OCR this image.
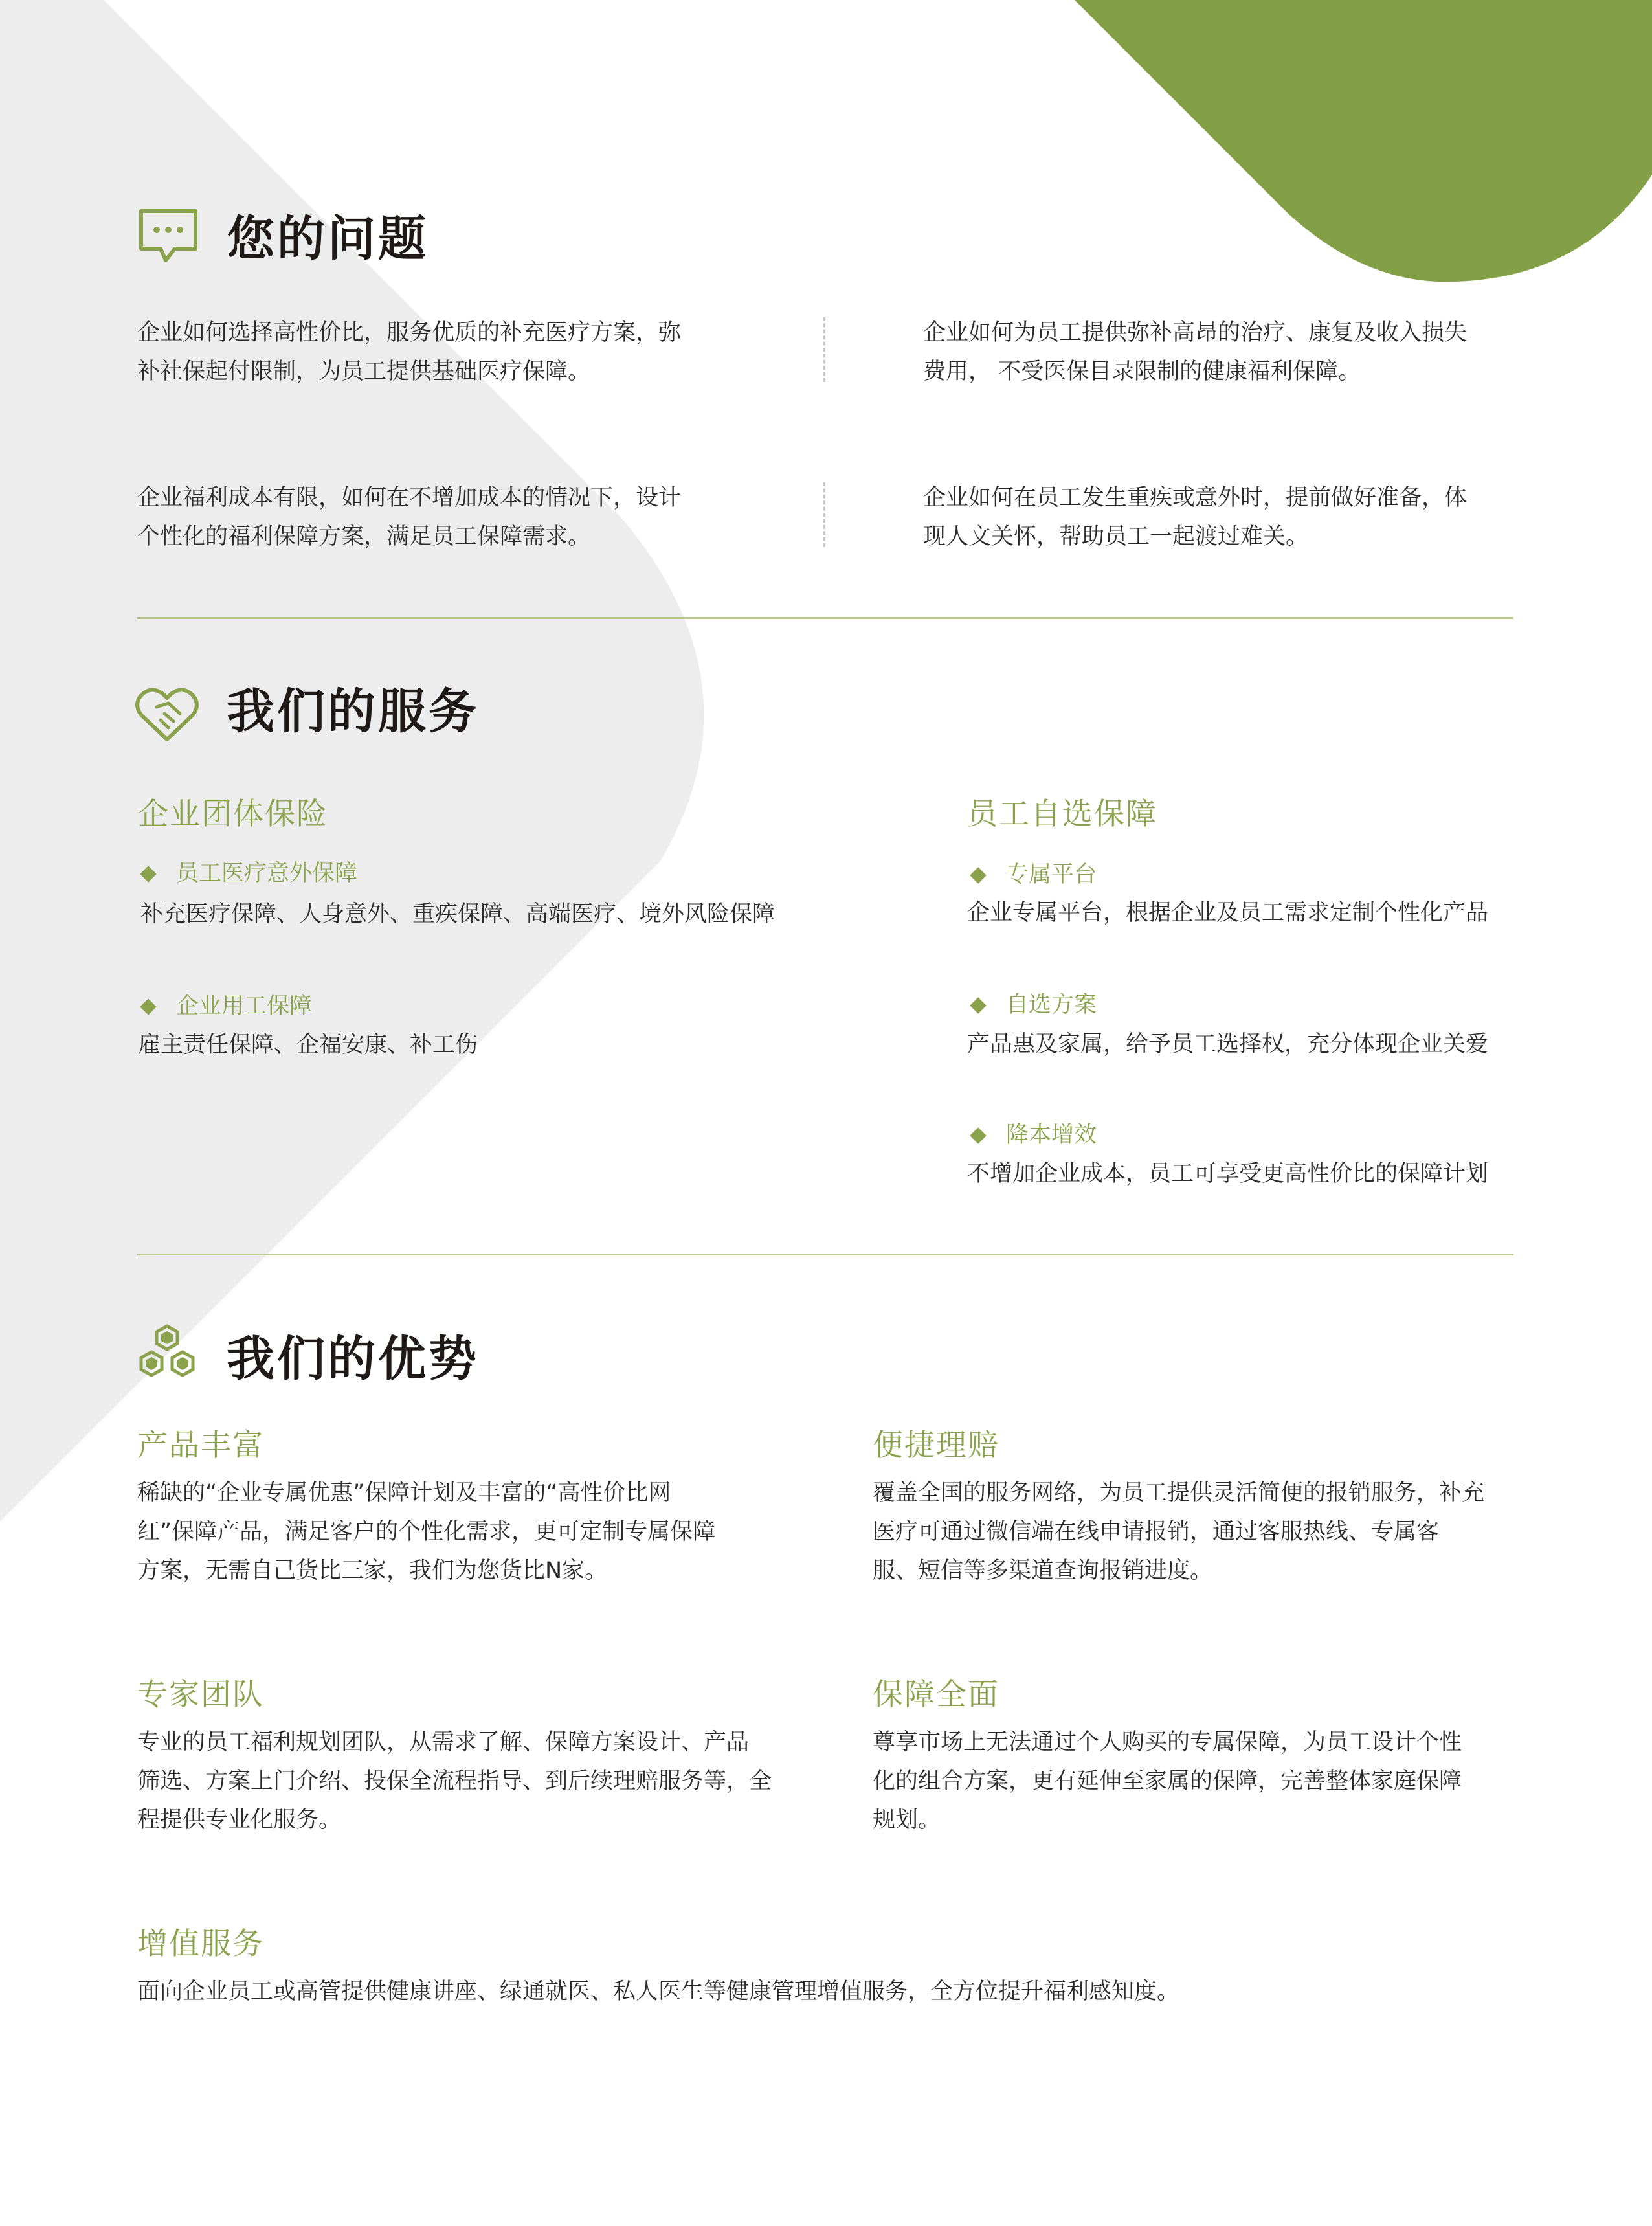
您的问题
企业如何选择高性价比，服务优质的补充医疗方案，弥
补社保起付限制，为员工提供基础医疗保障。
企业如何为员工提供弥补高昂的治疗、康复及收入损失
费用， 不受医保目录限制的健康福利保障。
企业福利成本有限，如何在不增加成本的情况下，设计
个性化的福利保障方案，满足员工保障需求。
企业如何在员工发生重疾或意外时，提前做好准备，体
现人文关怀，帮助员工一起渡过难关。
我们的服务
企业团体保险
员工医疗意外保障
补充医疗保障、人身意外、重疾保障、高端医疗、境外风险保障
企业用工保障
雇主责任保障、企福安康、补工伤
员工自选保障
专属平台
企业专属平台，根据企业及员工需求定制个性化产品
自选方案
产品惠及家属，给予员工选择权，充分体现企业关爱
降本增效
不增加企业成本，员工可享受更高性价比的保障计划
我们的优势
产品丰富
稀缺的“企业专属优惠”保障计划及丰富的“高性价比网
红”保障产品，满足客户的个性化需求，更可定制专属保障
方案，无需自己货比三家，我们为您货比N家。
便捷理赔
覆盖全国的服务网络，为员工提供灵活简便的报销服务，补充
医疗可通过微信端在线申请报销，通过客服热线、专属客
服、短信等多渠道查询报销进度。
专家团队
专业的员工福利规划团队，从需求了解、保障方案设计、产品
筛选、方案上门介绍、投保全流程指导、到后续理赔服务等，全
程提供专业化服务。
保障全面
尊享市场上无法通过个人购买的专属保障，为员工设计个性
化的组合方案，更有延伸至家属的保障，完善整体家庭保障
规划。
增值服务
面向企业员工或高管提供健康讲座、绿通就医、私人医生等健康管理增值服务，全方位提升福利感知度。
